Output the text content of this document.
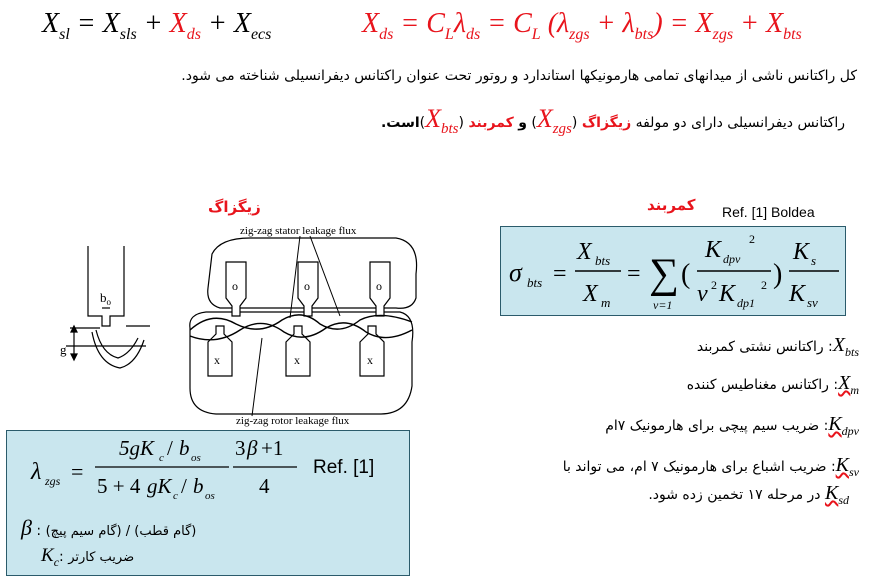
$X_{sl} = X_{sls} + X_{ds} + X_{ecs}$	$X_{ds} = C_L\lambda_{ds} = C_L$ $(\lambda_{zgs} + \lambda_{bts}) = X_{zgs} + X_{bts}$
کل راکتانس ناشی از میدانهای تمامی هارمونیکها استاندارد و روتور تحت عنوان راکتانس دیفرانسیلی شناخته می شود.
راکتانس دیفرانسیلی دارای دو مولفه زیگزاگ $(X_{zgs})$ و کمربند $(X_{bts})است$.
زیگزاگ	کمربند Ref. [1] Boldea
g
$b_o$
o	o	o
x	x	x
zig-zag stator leakage flux
zig-zag rotor leakage flux
σ bts =
X bts
X m
= ∑
ν=1
(
K dpν
2
ν 2 K dp1
2 )
K s
K sν
$X_{bts}$: راکتانس نشتی کمربند
$X_m$: راکتانس مغناطیس کننده
$K_{dpv}$: ضریب سیم پیچی برای هارمونیک ۷ام
$K_{sv}$: ضریب اشباع برای هارمونیک ۷ ام، می تواند با
$K_{sd}$ در مرحله ۱۷ تخمین زده شود.
λ zgs =
5gK c / b os
5 + 4 gK c / b os
3 β +1
4
Ref. [1]
β : (گام قطب) / (گام سیم پیچ)
$K_c$: ضریب کارتر
